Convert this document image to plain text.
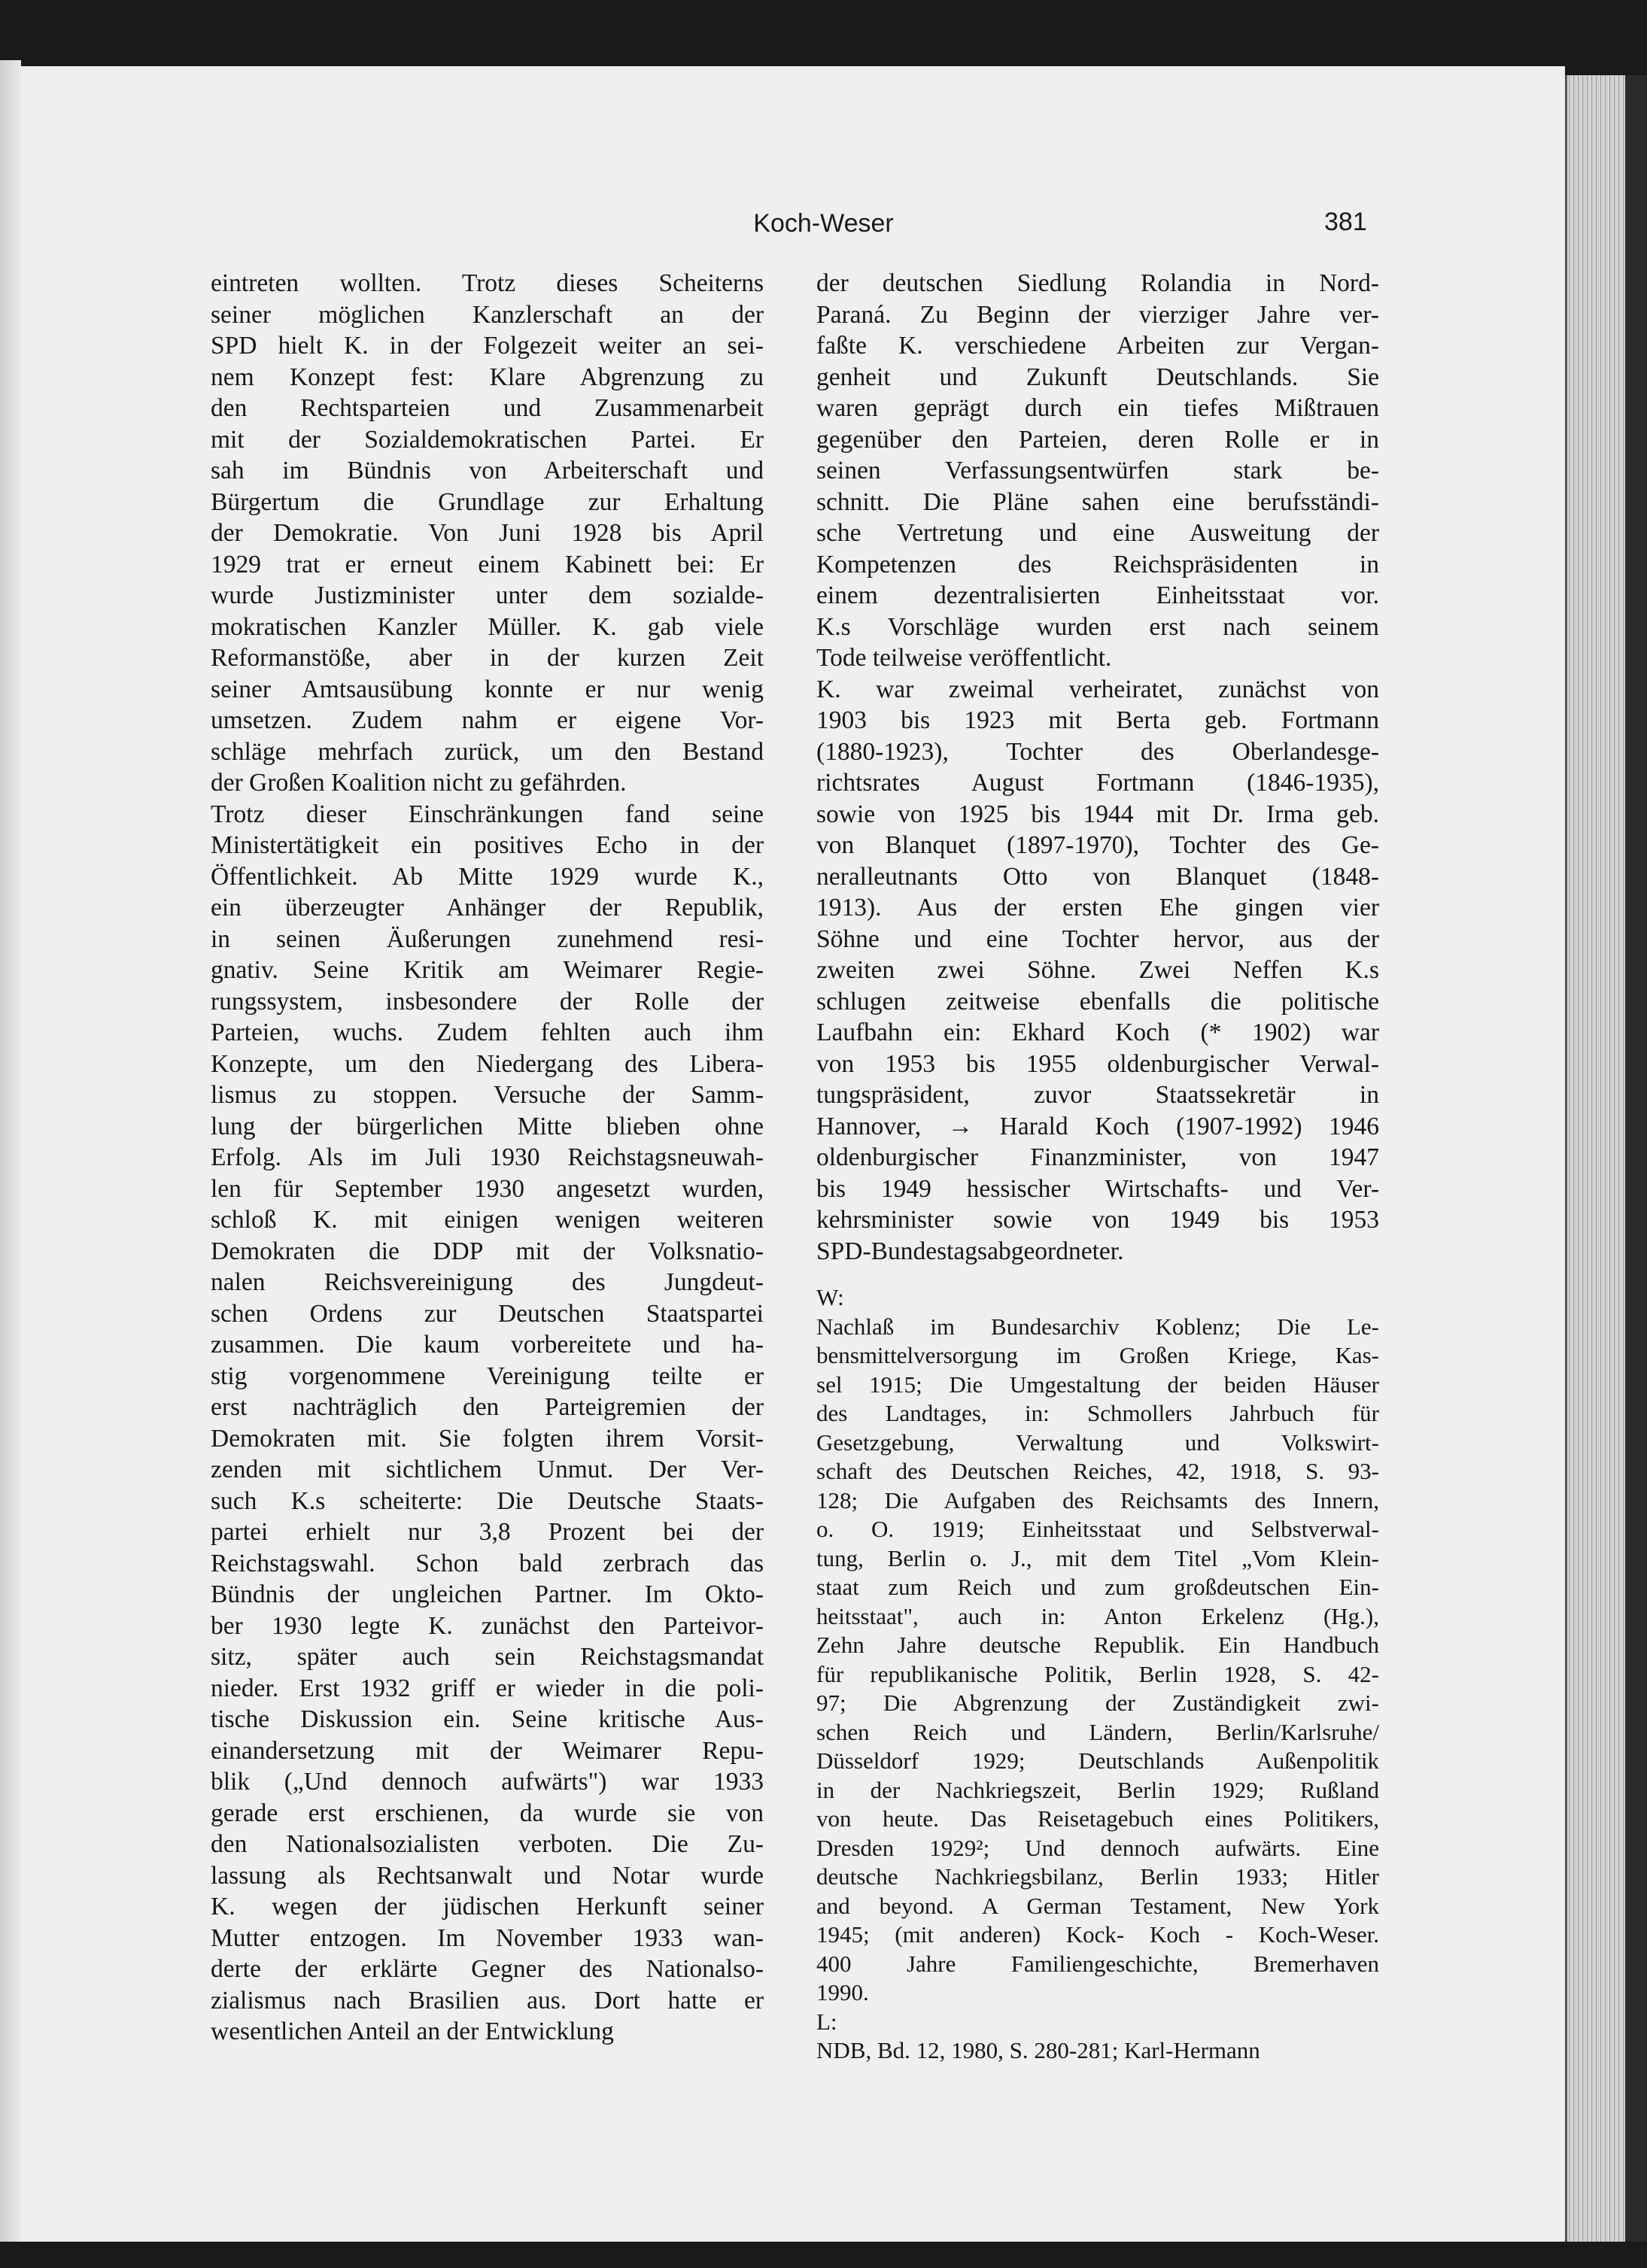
Koch-Weser	381
eintreten wollten. Trotz dieses Scheiterns
seiner möglichen Kanzlerschaft an der
SPD hielt K. in der Folgezeit weiter an sei-
nem Konzept fest: Klare Abgrenzung zu
den Rechtsparteien und Zusammenarbeit
mit der Sozialdemokratischen Partei. Er
sah im Bündnis von Arbeiterschaft und
Bürgertum die Grundlage zur Erhaltung
der Demokratie. Von Juni 1928 bis April
1929 trat er erneut einem Kabinett bei: Er
wurde Justizminister unter dem sozialde-
mokratischen Kanzler Müller. K. gab viele
Reformanstöße, aber in der kurzen Zeit
seiner Amtsausübung konnte er nur wenig
umsetzen. Zudem nahm er eigene Vor-
schläge mehrfach zurück, um den Bestand
der Großen Koalition nicht zu gefährden.
Trotz dieser Einschränkungen fand seine
Ministertätigkeit ein positives Echo in der
Öffentlichkeit. Ab Mitte 1929 wurde K.,
ein überzeugter Anhänger der Republik,
in seinen Äußerungen zunehmend resi-
gnativ. Seine Kritik am Weimarer Regie-
rungssystem, insbesondere der Rolle der
Parteien, wuchs. Zudem fehlten auch ihm
Konzepte, um den Niedergang des Libera-
lismus zu stoppen. Versuche der Samm-
lung der bürgerlichen Mitte blieben ohne
Erfolg. Als im Juli 1930 Reichstagsneuwah-
len für September 1930 angesetzt wurden,
schloß K. mit einigen wenigen weiteren
Demokraten die DDP mit der Volksnatio-
nalen Reichsvereinigung des Jungdeut-
schen Ordens zur Deutschen Staatspartei
zusammen. Die kaum vorbereitete und ha-
stig vorgenommene Vereinigung teilte er
erst nachträglich den Parteigremien der
Demokraten mit. Sie folgten ihrem Vorsit-
zenden mit sichtlichem Unmut. Der Ver-
such K.s scheiterte: Die Deutsche Staats-
partei erhielt nur 3,8 Prozent bei der
Reichstagswahl. Schon bald zerbrach das
Bündnis der ungleichen Partner. Im Okto-
ber 1930 legte K. zunächst den Parteivor-
sitz, später auch sein Reichstagsmandat
nieder. Erst 1932 griff er wieder in die poli-
tische Diskussion ein. Seine kritische Aus-
einandersetzung mit der Weimarer Repu-
blik („Und dennoch aufwärts") war 1933
gerade erst erschienen, da wurde sie von
den Nationalsozialisten verboten. Die Zu-
lassung als Rechtsanwalt und Notar wurde
K. wegen der jüdischen Herkunft seiner
Mutter entzogen. Im November 1933 wan-
derte der erklärte Gegner des Nationalso-
zialismus nach Brasilien aus. Dort hatte er
wesentlichen Anteil an der Entwicklung
der deutschen Siedlung Rolandia in Nord-
Paraná. Zu Beginn der vierziger Jahre ver-
faßte K. verschiedene Arbeiten zur Vergan-
genheit und Zukunft Deutschlands. Sie
waren geprägt durch ein tiefes Mißtrauen
gegenüber den Parteien, deren Rolle er in
seinen Verfassungsentwürfen stark be-
schnitt. Die Pläne sahen eine berufsständi-
sche Vertretung und eine Ausweitung der
Kompetenzen des Reichspräsidenten in
einem dezentralisierten Einheitsstaat vor.
K.s Vorschläge wurden erst nach seinem
Tode teilweise veröffentlicht.
K. war zweimal verheiratet, zunächst von
1903 bis 1923 mit Berta geb. Fortmann
(1880-1923), Tochter des Oberlandesge-
richtsrates August Fortmann (1846-1935),
sowie von 1925 bis 1944 mit Dr. Irma geb.
von Blanquet (1897-1970), Tochter des Ge-
neralleutnants Otto von Blanquet (1848-
1913). Aus der ersten Ehe gingen vier
Söhne und eine Tochter hervor, aus der
zweiten zwei Söhne. Zwei Neffen K.s
schlugen zeitweise ebenfalls die politische
Laufbahn ein: Ekhard Koch (* 1902) war
von 1953 bis 1955 oldenburgischer Verwal-
tungspräsident, zuvor Staatssekretär in
Hannover, → Harald Koch (1907-1992) 1946
oldenburgischer Finanzminister, von 1947
bis 1949 hessischer Wirtschafts- und Ver-
kehrsminister sowie von 1949 bis 1953
SPD-Bundestagsabgeordneter.
W:
Nachlaß im Bundesarchiv Koblenz; Die Le-
bensmittelversorgung im Großen Kriege, Kas-
sel 1915; Die Umgestaltung der beiden Häuser
des Landtages, in: Schmollers Jahrbuch für
Gesetzgebung, Verwaltung und Volkswirt-
schaft des Deutschen Reiches, 42, 1918, S. 93-
128; Die Aufgaben des Reichsamts des Innern,
o. O. 1919; Einheitsstaat und Selbstverwal-
tung, Berlin o. J., mit dem Titel „Vom Klein-
staat zum Reich und zum großdeutschen Ein-
heitsstaat", auch in: Anton Erkelenz (Hg.),
Zehn Jahre deutsche Republik. Ein Handbuch
für republikanische Politik, Berlin 1928, S. 42-
97; Die Abgrenzung der Zuständigkeit zwi-
schen Reich und Ländern, Berlin/Karlsruhe/
Düsseldorf 1929; Deutschlands Außenpolitik
in der Nachkriegszeit, Berlin 1929; Rußland
von heute. Das Reisetagebuch eines Politikers,
Dresden 1929²; Und dennoch aufwärts. Eine
deutsche Nachkriegsbilanz, Berlin 1933; Hitler
and beyond. A German Testament, New York
1945; (mit anderen) Kock- Koch - Koch-Weser.
400 Jahre Familiengeschichte, Bremerhaven
1990.
L:
NDB, Bd. 12, 1980, S. 280-281; Karl-Hermann
